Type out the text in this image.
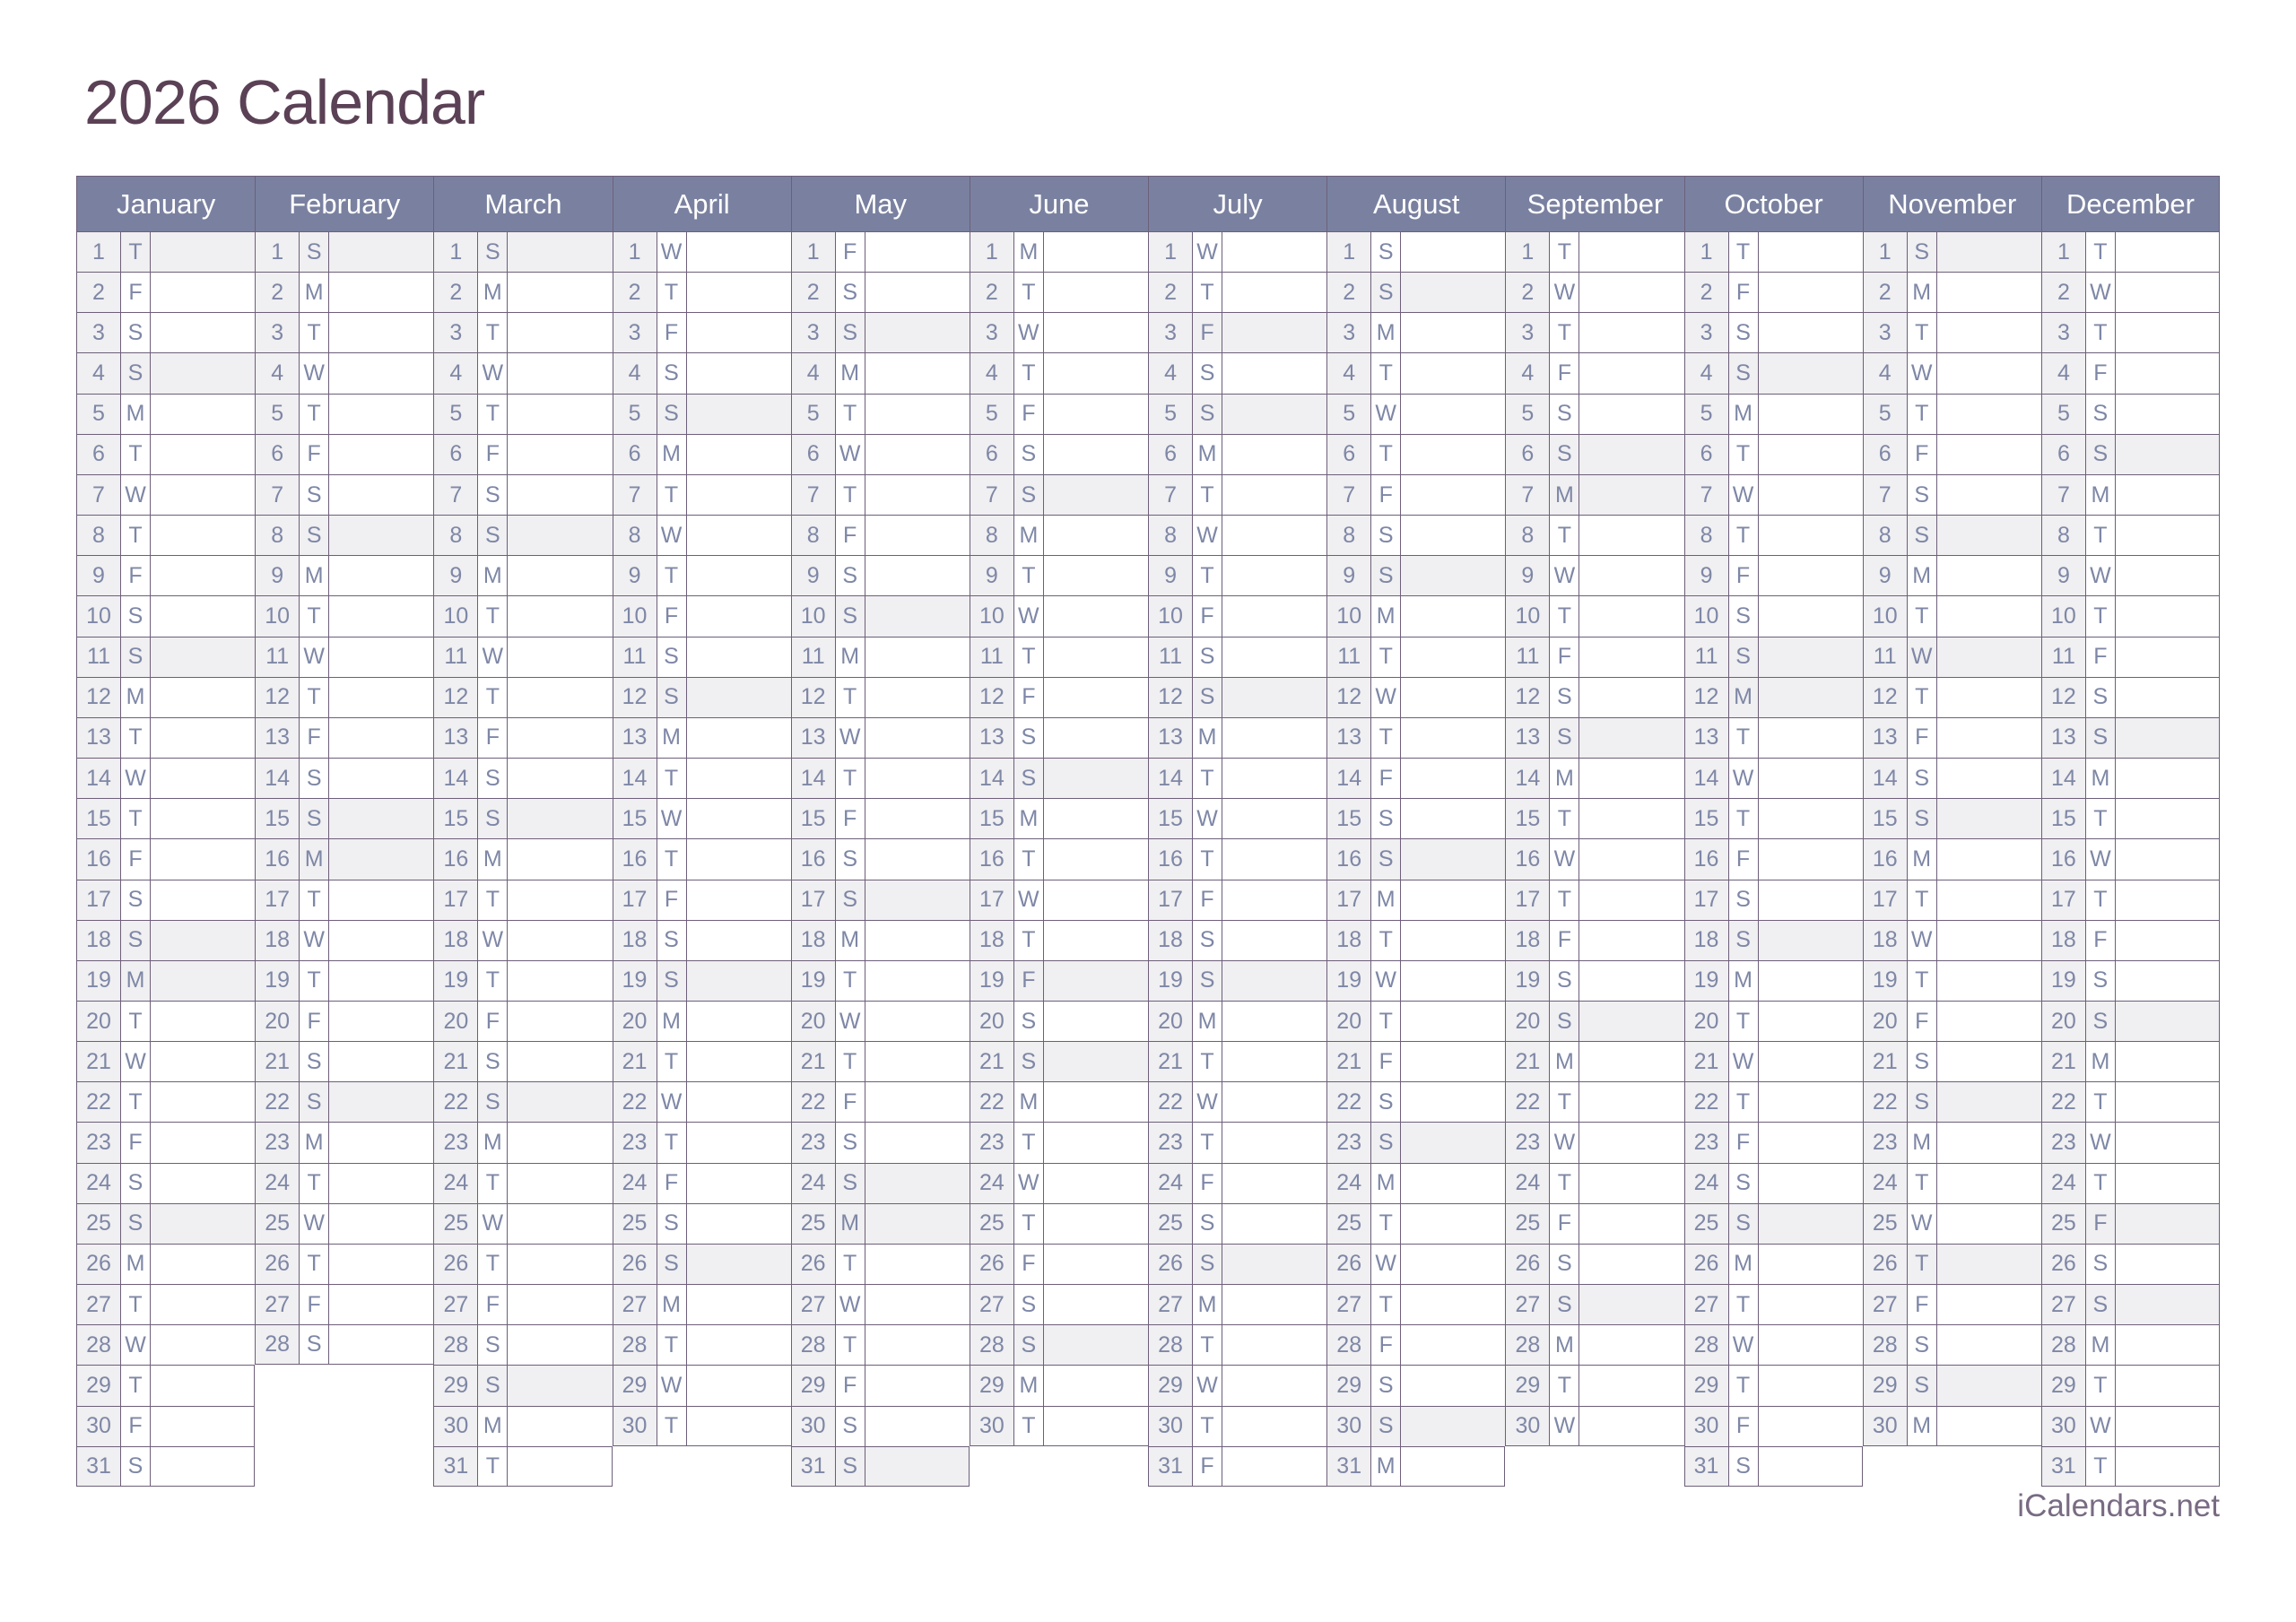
2026 Calendar
January
1	T
2	F
3	S
4	S
5 M
6	T
7 W
8	T
9	F
10 S
11 S
12 M
13 T
14 W
15 T
16 F
17 S
18 S
19 M
20 T
21 W
22 T
23 F
24 S
25 S
26 M
27 T
28 W
29 T
30 F
31 S
February
1	S
2 M
3	T
4 W
5	T
6	F
7	S
8	S
9 M
10 T
11 W
12 T
13 F
14 S
15 S
16 M
17 T
18 W
19 T
20 F
21 S
22 S
23 M
24 T
25 W
26 T
27 F
28 S
March
1	S
2 M
3	T
4 W
5	T
6	F
7	S
8	S
9 M
10 T
11 W
12 T
13 F
14 S
15 S
16 M
17 T
18 W
19 T
20 F
21 S
22 S
23 M
24 T
25 W
26 T
27 F
28 S
29 S
30 M
31 T
April
1 W
2	T
3	F
4	S
5	S
6 M
7	T
8 W
9	T
10 F
11 S
12 S
13 M
14 T
15 W
16 T
17 F
18 S
19 S
20 M
21 T
22 W
23 T
24 F
25 S
26 S
27 M
28 T
29 W
30 T
May
1	F
2	S
3	S
4 M
5	T
6 W
7	T
8	F
9	S
10 S
11 M
12 T
13 W
14 T
15 F
16 S
17 S
18 M
19 T
20 W
21 T
22 F
23 S
24 S
25 M
26 T
27 W
28 T
29 F
30 S
31 S
June
1 M
2	T
3 W
4	T
5	F
6	S
7	S
8 M
9	T
10 W
11 T
12 F
13 S
14 S
15 M
16 T
17 W
18 T
19 F
20 S
21 S
22 M
23 T
24 W
25 T
26 F
27 S
28 S
29 M
30 T
July
1 W
2	T
3	F
4	S
5	S
6 M
7	T
8 W
9	T
10 F
11 S
12 S
13 M
14 T
15 W
16 T
17 F
18 S
19 S
20 M
21 T
22 W
23 T
24 F
25 S
26 S
27 M
28 T
29 W
30 T
31 F
August
1	S
2	S
3 M
4	T
5 W
6	T
7	F
8	S
9	S
10 M
11 T
12 W
13 T
14 F
15 S
16 S
17 M
18 T
19 W
20 T
21 F
22 S
23 S
24 M
25 T
26 W
27 T
28 F
29 S
30 S
31 M
September
1	T
2 W
3	T
4	F
5	S
6	S
7 M
8	T
9 W
10 T
11 F
12 S
13 S
14 M
15 T
16 W
17 T
18 F
19 S
20 S
21 M
22 T
23 W
24 T
25 F
26 S
27 S
28 M
29 T
30 W
October
1	T
2	F
3	S
4	S
5 M
6	T
7 W
8	T
9	F
10 S
11 S
12 M
13 T
14 W
15 T
16 F
17 S
18 S
19 M
20 T
21 W
22 T
23 F
24 S
25 S
26 M
27 T
28 W
29 T
30 F
31 S
November
1	S
2 M
3	T
4 W
5	T
6	F
7	S
8	S
9 M
10 T
11 W
12 T
13 F
14 S
15 S
16 M
17 T
18 W
19 T
20 F
21 S
22 S
23 M
24 T
25 W
26 T
27 F
28 S
29 S
30 M
December
1	T
2 W
3	T
4	F
5	S
6	S
7 M
8	T
9 W
10 T
11 F
12 S
13 S
14 M
15 T
16 W
17 T
18 F
19 S
20 S
21 M
22 T
23 W
24 T
25 F
26 S
27 S
28 M
29 T
30 W
31 T
iCalendars.net
